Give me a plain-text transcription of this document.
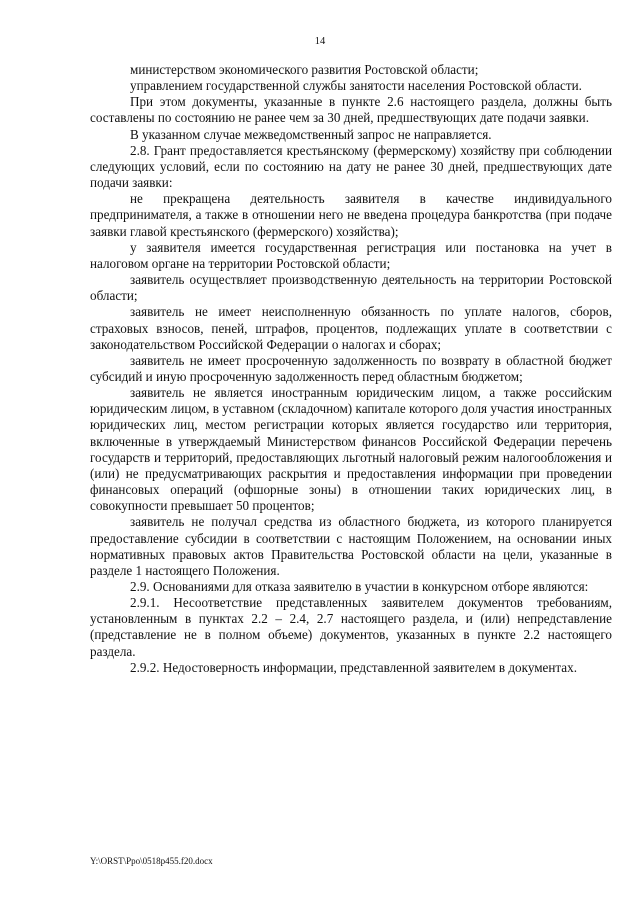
14

министерством экономического развития Ростовской области;

управлением государственной службы занятости населения Ростовской области.

При этом документы, указанные в пункте 2.6 настоящего раздела, должны быть составлены по состоянию не ранее чем за 30 дней, предшествующих дате подачи заявки.

В указанном случае межведомственный запрос не направляется.

2.8. Грант предоставляется крестьянскому (фермерскому) хозяйству при соблюдении следующих условий, если по состоянию на дату не ранее 30 дней, предшествующих дате подачи заявки:

не прекращена деятельность заявителя в качестве индивидуального предпринимателя, а также в отношении него не введена процедура банкротства (при подаче заявки главой крестьянского (фермерского) хозяйства);

у заявителя имеется государственная регистрация или постановка на учет в налоговом органе на территории Ростовской области;

заявитель осуществляет производственную деятельность на территории Ростовской области;

заявитель не имеет неисполненную обязанность по уплате налогов, сборов, страховых взносов, пеней, штрафов, процентов, подлежащих уплате в соответствии с законодательством Российской Федерации о налогах и сборах;

заявитель не имеет просроченную задолженность по возврату в областной бюджет субсидий и иную просроченную задолженность перед областным бюджетом;

заявитель не является иностранным юридическим лицом, а также российским юридическим лицом, в уставном (складочном) капитале которого доля участия иностранных юридических лиц, местом регистрации которых является государство или территория, включенные в утверждаемый Министерством финансов Российской Федерации перечень государств и территорий, предоставляющих льготный налоговый режим налогообложения и (или) не предусматривающих раскрытия и предоставления информации при проведении финансовых операций (офшорные зоны) в отношении таких юридических лиц, в совокупности превышает 50 процентов;

заявитель не получал средства из областного бюджета, из которого планируется предоставление субсидии в соответствии с настоящим Положением, на основании иных нормативных правовых актов Правительства Ростовской области на цели, указанные в разделе 1 настоящего Положения.

2.9. Основаниями для отказа заявителю в участии в конкурсном отборе являются:

2.9.1. Несоответствие представленных заявителем документов требованиям, установленным в пунктах 2.2 – 2.4, 2.7 настоящего раздела, и (или) непредставление (представление не в полном объеме) документов, указанных в пункте 2.2 настоящего раздела.

2.9.2. Недостоверность информации, представленной заявителем в документах.

Y:\ORST\Ppo\0518p455.f20.docx
